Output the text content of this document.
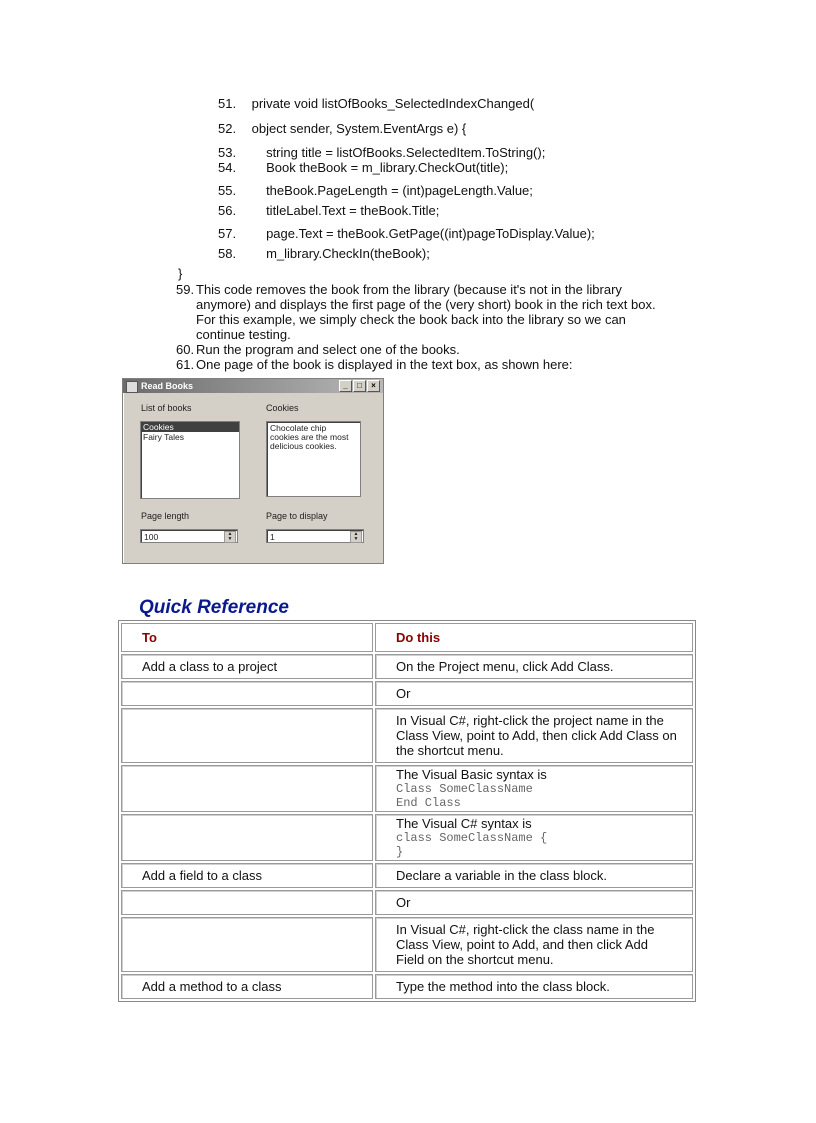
51. private void listOfBooks_SelectedIndexChanged(
52. object sender, System.EventArgs e) {
53.     string title = listOfBooks.SelectedItem.ToString();
54.     Book theBook = m_library.CheckOut(title);
55.     theBook.PageLength = (int)pageLength.Value;
56.     titleLabel.Text = theBook.Title;
57.     page.Text = theBook.GetPage((int)pageToDisplay.Value);
58.     m_library.CheckIn(theBook);
}

59. This code removes the book from the library (because it's not in the library anymore) and displays the first page of the (very short) book in the rich text box. For this example, we simply check the book back into the library so we can continue testing.

60. Run the program and select one of the books.

61. One page of the book is displayed in the text box, as shown here:

Read Books	_	□	×
List of books	Cookies
Cookies
Fairy Tales
Chocolate chip cookies are the most delicious cookies.
Page length	Page to display
100	▲
▼	1	▲
▼
Quick Reference
To	Do this
Add a class to a project	On the Project menu, click Add Class.
	Or

	In Visual C#, right-click the project name in the Class View, point to Add, then click Add Class on
the shortcut menu.

	The Visual Basic syntax is
Class SomeClassName
End Class

	The Visual C# syntax is
class SomeClassName {
}

Add a field to a class	Declare a variable in the class block.
	Or

	In Visual C#, right-click the class name in the Class View, point to Add, and then click Add Field on the shortcut menu.

Add a method to a class	Type the method into the class block.
